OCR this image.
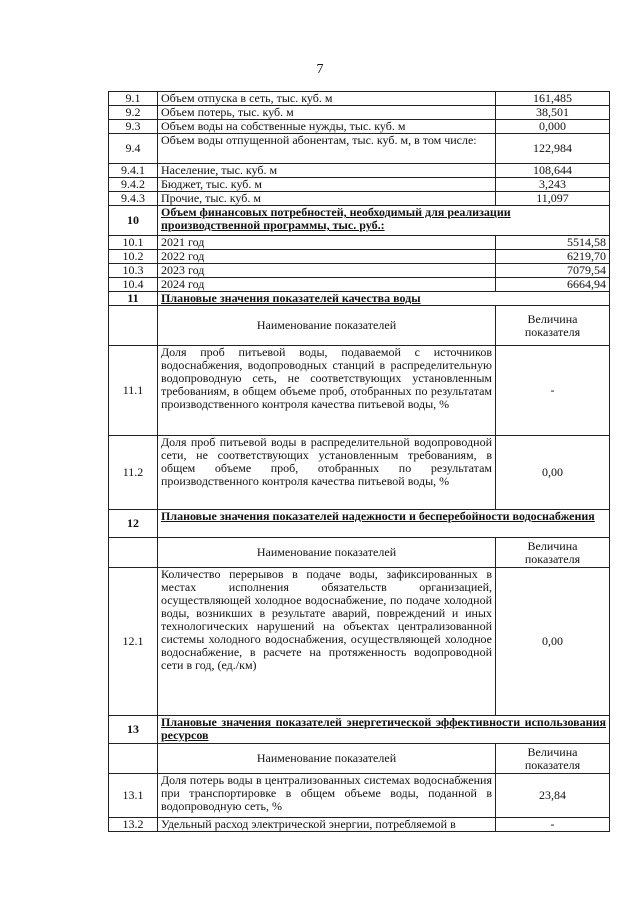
7
9.1	Объем отпуска в сеть, тыс. куб. м	161,485
9.2	Объем потерь, тыс. куб. м	38,501
9.3	Объем воды на собственные нужды, тыс. куб. м	0,000
9.4	Объем воды отпущенной абонентам, тыс. куб. м, в том числе:	122,984
9.4.1	Население, тыс. куб. м	108,644
9.4.2	Бюджет, тыс. куб. м	3,243
9.4.3	Прочие, тыс. куб. м	11,097
10	Объем финансовых потребностей, необходимый для реализации производственной программы, тыс. руб.:	
10.1	2021 год	5514,58
10.2	2022 год	6219,70
10.3	2023 год	7079,54
10.4	2024 год	6664,94
11	Плановые значения показателей качества воды	
	Наименование показателей	Величина показателя
11.1	Доля проб питьевой воды, подаваемой с источников водоснабжения, водопроводных станций в распределительную водопроводную сеть, не соответствующих установленным требованиям, в общем объеме проб, отобранных по результатам производственного контроля качества питьевой воды, %	-
11.2	Доля проб питьевой воды в распределительной водопроводной сети, не соответствующих установленным требованиям, в общем объеме проб, отобранных по результатам производственного контроля качества питьевой воды, %	0,00
12	Плановые значения показателей надежности и бесперебойности водоснабжения	
	Наименование показателей	Величина показателя
12.1	Количество перерывов в подаче воды, зафиксированных в местах исполнения обязательств организацией, осуществляющей холодное водоснабжение, по подаче холодной воды, возникших в результате аварий, повреждений и иных технологических нарушений на объектах централизованной системы холодного водоснабжения, осуществляющей холодное водоснабжение, в расчете на протяженность водопроводной сети в год, (ед./км)	0,00
13	Плановые значения показателей энергетической эффективности использования ресурсов	
	Наименование показателей	Величина показателя
13.1	Доля потерь воды в централизованных системах водоснабжения при транспортировке в общем объеме воды, поданной в водопроводную сеть, %	23,84
13.2	Удельный расход электрической энергии, потребляемой в	-
